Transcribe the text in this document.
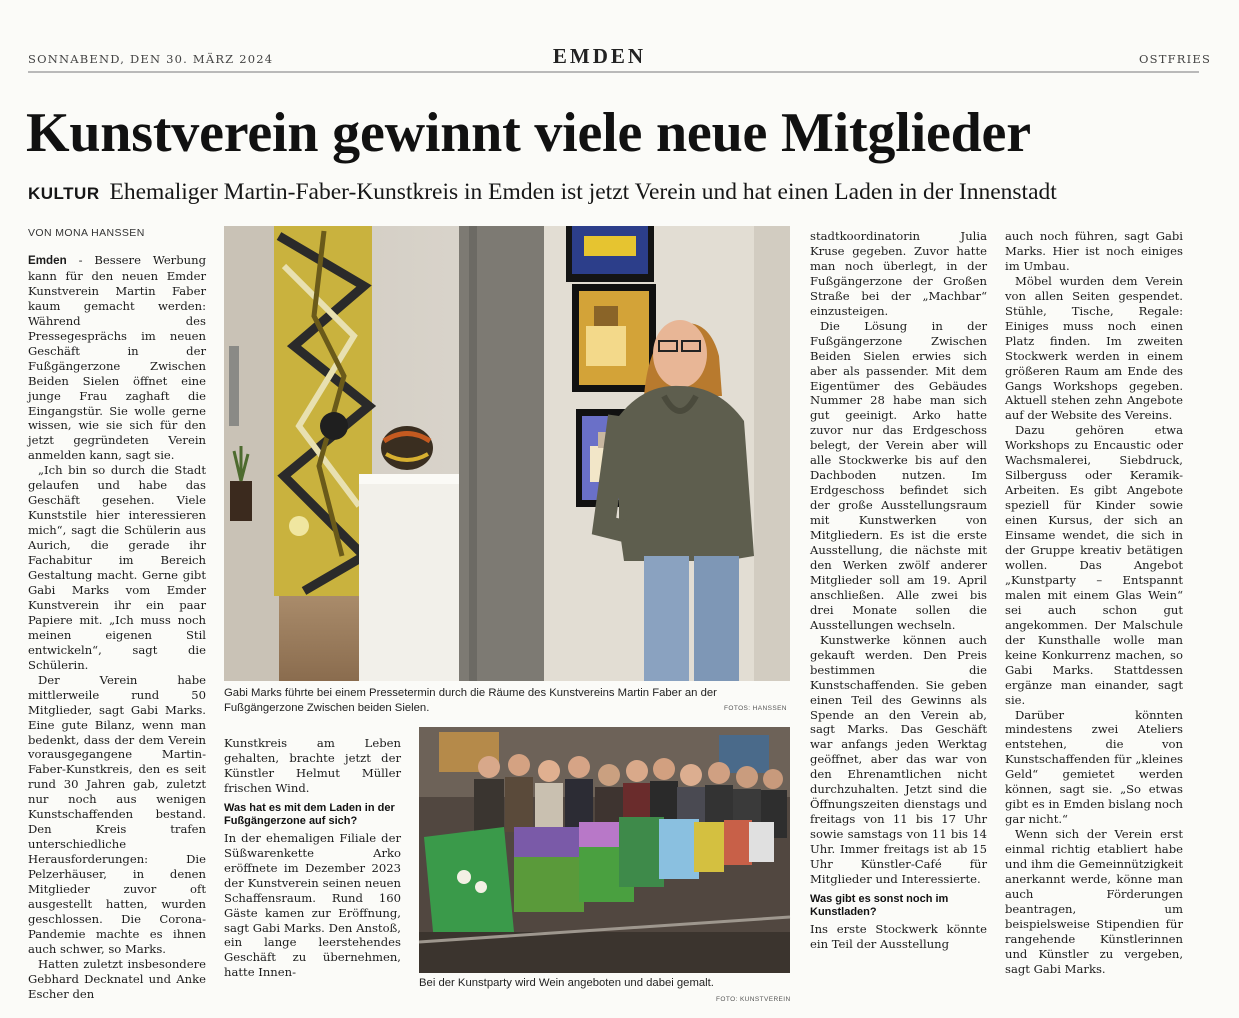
SONNABEND, DEN 30. MÄRZ 2024	EMDEN	OSTFRIES
Kunstverein gewinnt viele neue Mitglieder
KULTUR Ehemaliger Martin-Faber-Kunstkreis in Emden ist jetzt Verein und hat einen Laden in der Innenstadt
VON MONA HANSSEN

Emden - Bessere Werbung kann für den neuen Emder Kunstverein Martin Faber kaum gemacht werden: Während des Pressegesprächs im neuen Geschäft in der Fußgängerzone Zwischen Beiden Sielen öffnet eine junge Frau zaghaft die Eingangstür. Sie wolle gerne wissen, wie sie sich für den jetzt gegründeten Verein anmelden kann, sagt sie.

„Ich bin so durch die Stadt gelaufen und habe das Geschäft gesehen. Viele Kunststile hier interessieren mich“, sagt die Schülerin aus Aurich, die gerade ihr Fachabitur im Bereich Gestaltung macht. Gerne gibt Gabi Marks vom Emder Kunstverein ihr ein paar Papiere mit. „Ich muss noch meinen eigenen Stil entwickeln“, sagt die Schülerin.

Der Verein habe mittlerweile rund 50 Mitglieder, sagt Gabi Marks. Eine gute Bilanz, wenn man bedenkt, dass der dem Verein vorausgegangene Martin-Faber-Kunstkreis, den es seit rund 30 Jahren gab, zuletzt nur noch aus wenigen Kunstschaffenden bestand. Den Kreis trafen unterschiedliche Herausforderungen: Die Pelzerhäuser, in denen Mitglieder zuvor oft ausgestellt hatten, wurden geschlossen. Die Corona-Pandemie machte es ihnen auch schwer, so Marks.

Hatten zuletzt insbesondere Gebhard Decknatel und Anke Escher den

Gabi Marks führte bei einem Pressetermin durch die Räume des Kunstvereins Martin Faber an der Fußgängerzone Zwischen beiden Sielen.	FOTOS: HANSSEN

Kunstkreis am Leben gehalten, brachte jetzt der Künstler Helmut Müller frischen Wind.

Was hat es mit dem Laden in der Fußgängerzone auf sich?

In der ehemaligen Filiale der Süßwarenkette Arko eröffnete im Dezember 2023 der Kunstverein seinen neuen Schaffensraum. Rund 160 Gäste kamen zur Eröffnung, sagt Gabi Marks. Den Anstoß, ein lange leerstehendes Geschäft zu übernehmen, hatte Innen-

Bei der Kunstparty wird Wein angeboten und dabei gemalt.
FOTO: KUNSTVEREIN

stadtkoordinatorin Julia Kruse gegeben. Zuvor hatte man noch überlegt, in der Fußgängerzone der Großen Straße bei der „Machbar“ einzusteigen.

Die Lösung in der Fußgängerzone Zwischen Beiden Sielen erwies sich aber als passender. Mit dem Eigentümer des Gebäudes Nummer 28 habe man sich gut geeinigt. Arko hatte zuvor nur das Erdgeschoss belegt, der Verein aber will alle Stockwerke bis auf den Dachboden nutzen. Im Erdgeschoss befindet sich der große Ausstellungsraum mit Kunstwerken von Mitgliedern. Es ist die erste Ausstellung, die nächste mit den Werken zwölf anderer Mitglieder soll am 19. April anschließen. Alle zwei bis drei Monate sollen die Ausstellungen wechseln.

Kunstwerke können auch gekauft werden. Den Preis bestimmen die Kunstschaffenden. Sie geben einen Teil des Gewinns als Spende an den Verein ab, sagt Marks. Das Geschäft war anfangs jeden Werktag geöffnet, aber das war von den Ehrenamtlichen nicht durchzuhalten. Jetzt sind die Öffnungszeiten dienstags und freitags von 11 bis 17 Uhr sowie samstags von 11 bis 14 Uhr. Immer freitags ist ab 15 Uhr Künstler-Café für Mitglieder und Interessierte.

Was gibt es sonst noch im Kunstladen?

Ins erste Stockwerk könnte ein Teil der Ausstellung

auch noch führen, sagt Gabi Marks. Hier ist noch einiges im Umbau.

Möbel wurden dem Verein von allen Seiten gespendet. Stühle, Tische, Regale: Einiges muss noch einen Platz finden. Im zweiten Stockwerk werden in einem größeren Raum am Ende des Gangs Workshops gegeben. Aktuell stehen zehn Angebote auf der Website des Vereins.

Dazu gehören etwa Workshops zu Encaustic oder Wachsmalerei, Siebdruck, Silberguss oder Keramik-Arbeiten. Es gibt Angebote speziell für Kinder sowie einen Kursus, der sich an Einsame wendet, die sich in der Gruppe kreativ betätigen wollen. Das Angebot „Kunstparty – Entspannt malen mit einem Glas Wein“ sei auch schon gut angekommen. Der Malschule der Kunsthalle wolle man keine Konkurrenz machen, so Gabi Marks. Stattdessen ergänze man einander, sagt sie.

Darüber könnten mindestens zwei Ateliers entstehen, die von Kunstschaffenden für „kleines Geld“ gemietet werden können, sagt sie. „So etwas gibt es in Emden bislang noch gar nicht.“

Wenn sich der Verein erst einmal richtig etabliert habe und ihm die Gemeinnützigkeit anerkannt werde, könne man auch Förderungen beantragen, um beispielsweise Stipendien für rangehende Künstlerinnen und Künstler zu vergeben, sagt Gabi Marks.
